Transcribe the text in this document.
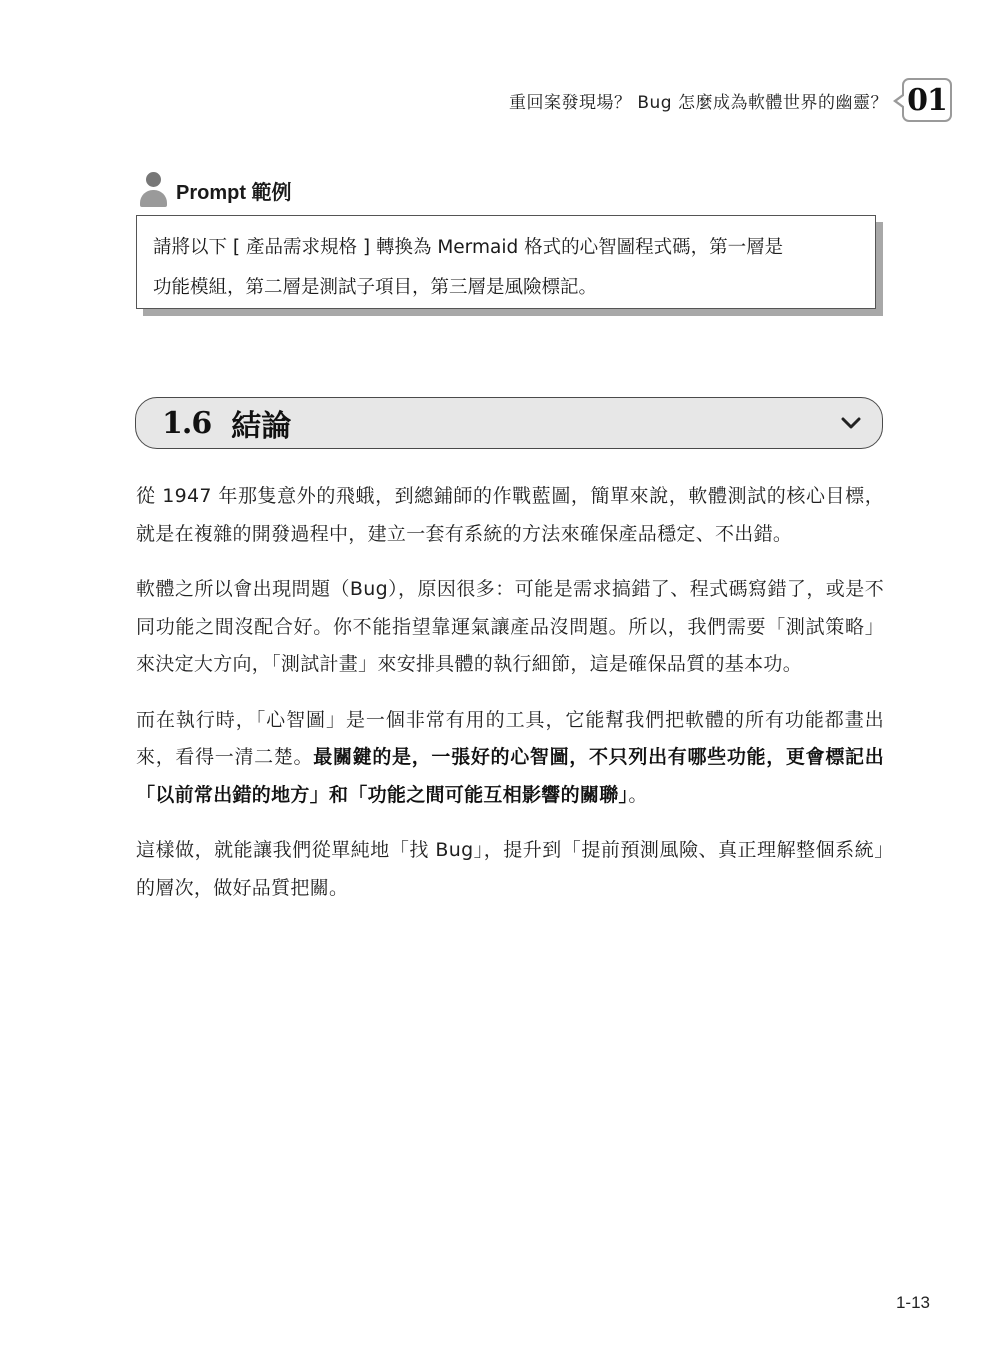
重回案發現場？ Bug 怎麼成為軟體世界的幽靈？ 01
Prompt 範例

請將以下 [ 產品需求規格 ] 轉換為 Mermaid 格式的心智圖程式碼，第一層是

功能模組，第二層是測試子項目，第三層是風險標記。

1.6 結論

從 1947 年那隻意外的飛蛾，到總鋪師的作戰藍圖，簡單來說，軟體測試的核心目標，就是在複雜的開發過程中，建立一套有系統的方法來確保產品穩定、不出錯。

軟體之所以會出現問題（Bug），原因很多：可能是需求搞錯了、程式碼寫錯了，或是不同功能之間沒配合好。你不能指望靠運氣讓產品沒問題。所以，我們需要「測試策略」來決定大方向，「測試計畫」來安排具體的執行細節，這是確保品質的基本功。

而在執行時，「心智圖」是一個非常有用的工具，它能幫我們把軟體的所有功能都畫出來，看得一清二楚。最關鍵的是，一張好的心智圖，不只列出有哪些功能，更會標記出「以前常出錯的地方」和「功能之間可能互相影響的關聯」。

這樣做，就能讓我們從單純地「找 Bug」，提升到「提前預測風險、真正理解整個系統」的層次，做好品質把關。

1-13
